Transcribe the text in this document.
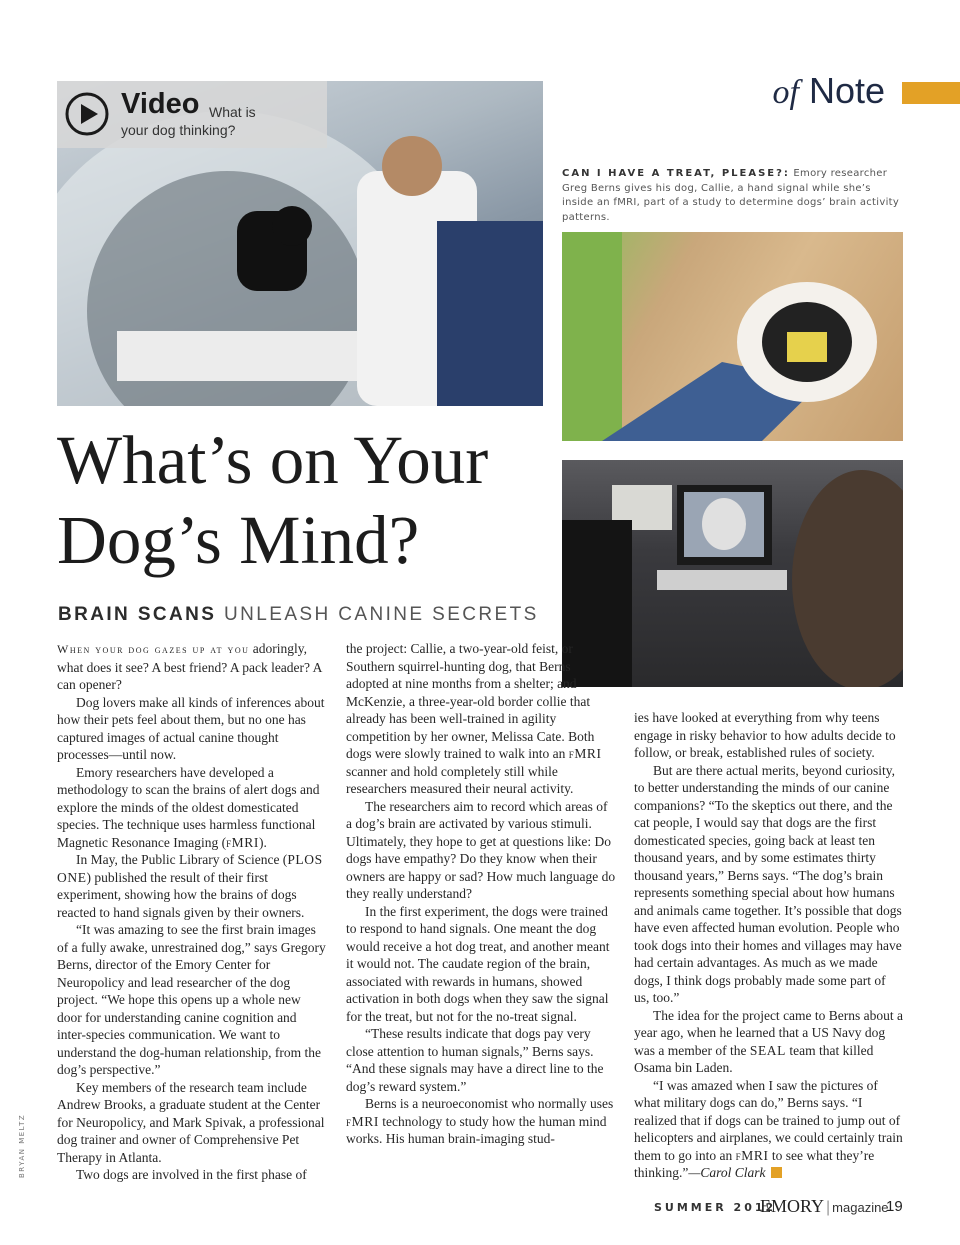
of Note
Video What is
your dog thinking?
CAN I HAVE A TREAT, PLEASE?: Emory researcher Greg Berns gives his dog, Callie, a hand signal while she’s inside an fMRI, part of a study to determine dogs’ brain activity patterns.
What’s on Your
Dog’s Mind?
BRAIN SCANS UNLEASH CANINE SECRETS

When your dog gazes up at you adoringly, what does it see? A best friend? A pack leader? A can opener?

Dog lovers make all kinds of inferences about how their pets feel about them, but no one has captured images of actual canine thought processes—until now.

Emory researchers have developed a methodology to scan the brains of alert dogs and explore the minds of the oldest domesticated species. The technique uses harmless functional Magnetic Resonance Imaging (fMRI).

In May, the Public Library of Science (PLOS ONE) published the result of their first experiment, showing how the brains of dogs reacted to hand signals given by their owners.

“It was amazing to see the first brain images of a fully awake, unrestrained dog,” says Gregory Berns, director of the Emory Center for Neuropolicy and lead researcher of the dog project. “We hope this opens up a whole new door for understanding canine cognition and inter-species communication. We want to understand the dog-human relationship, from the dog’s perspective.”

Key members of the research team include Andrew Brooks, a graduate student at the Center for Neuropolicy, and Mark Spivak, a professional dog trainer and owner of Comprehensive Pet Therapy in Atlanta.

Two dogs are involved in the first phase of

the project: Callie, a two-year-old feist, or Southern squirrel-hunting dog, that Berns adopted at nine months from a shelter; and McKenzie, a three-year-old border collie that already has been well-trained in agility competition by her owner, Melissa Cate. Both dogs were slowly trained to walk into an fMRI scanner and hold completely still while researchers measured their neural activity.

The researchers aim to record which areas of a dog’s brain are activated by various stimuli. Ultimately, they hope to get at questions like: Do dogs have empathy? Do they know when their owners are happy or sad? How much language do they really understand?

In the first experiment, the dogs were trained to respond to hand signals. One meant the dog would receive a hot dog treat, and another meant it would not. The caudate region of the brain, associated with rewards in humans, showed activation in both dogs when they saw the signal for the treat, but not for the no-treat signal.

“These results indicate that dogs pay very close attention to human signals,” Berns says. “And these signals may have a direct line to the dog’s reward system.”

Berns is a neuroeconomist who normally uses fMRI technology to study how the human mind works. His human brain-imaging stud-

ies have looked at everything from why teens engage in risky behavior to how adults decide to follow, or break, established rules of society.

But are there actual merits, beyond curiosity, to better understanding the minds of our canine companions? “To the skeptics out there, and the cat people, I would say that dogs are the first domesticated species, going back at least ten thousand years, and by some estimates thirty thousand years,” Berns says. “The dog’s brain represents something special about how humans and animals came together. It’s possible that dogs have even affected human evolution. People who took dogs into their homes and villages may have had certain advantages. As much as we made dogs, I think dogs probably made some part of us, too.”

The idea for the project came to Berns about a year ago, when he learned that a US Navy dog was a member of the SEAL team that killed Osama bin Laden.

“I was amazed when I saw the pictures of what military dogs can do,” Berns says. “I realized that if dogs can be trained to jump out of helicopters and airplanes, we could certainly train them to go into an fMRI to see what they’re thinking.”—Carol Clark

BRYAN MELTZ
SUMMER 2012
EMORY | magazine
19
